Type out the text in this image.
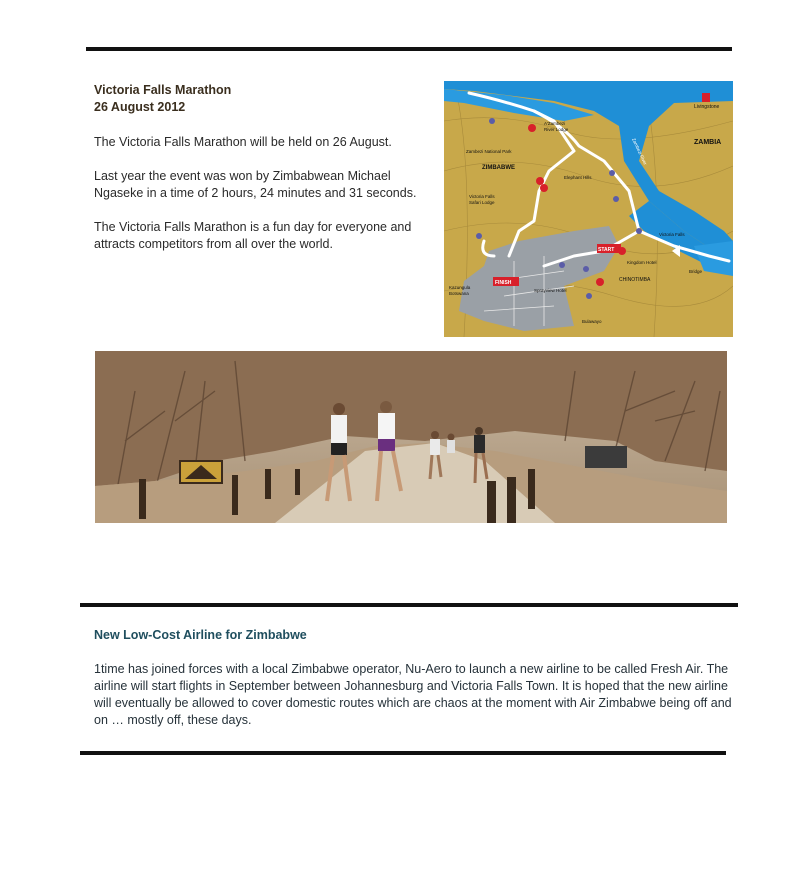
Victoria Falls Marathon
26 August 2012

The Victoria Falls Marathon will be held on 26 August.

Last year the event was won by Zimbabwean Michael Ngaseke in a time of 2 hours, 24 minutes and 31 seconds.

The Victoria Falls Marathon is a fun day for everyone and attracts competitors from all over the world.

Livingstone
ZAMBIA
ZIMBABWE
Zambezi National Park
A'Zambezi
River Lodge
Elephant Hills
Victoria Falls
Safari Lodge
Victoria Falls
START
FINISH
Kingdom Hotel
Bridge
CHINOTIMBA
Sprayview Hotel
Kazungula
Botswana
Bulawayo
Zambezi River
New Low-Cost Airline for Zimbabwe

1time has joined forces with a local Zimbabwe operator, Nu-Aero to launch a new airline to be called Fresh Air. The airline will start flights in September between Johannesburg and Victoria Falls Town. It is hoped that the new airline will eventually be allowed to cover domestic routes which are chaos at the moment with Air Zimbabwe being off and on … mostly off, these days.
